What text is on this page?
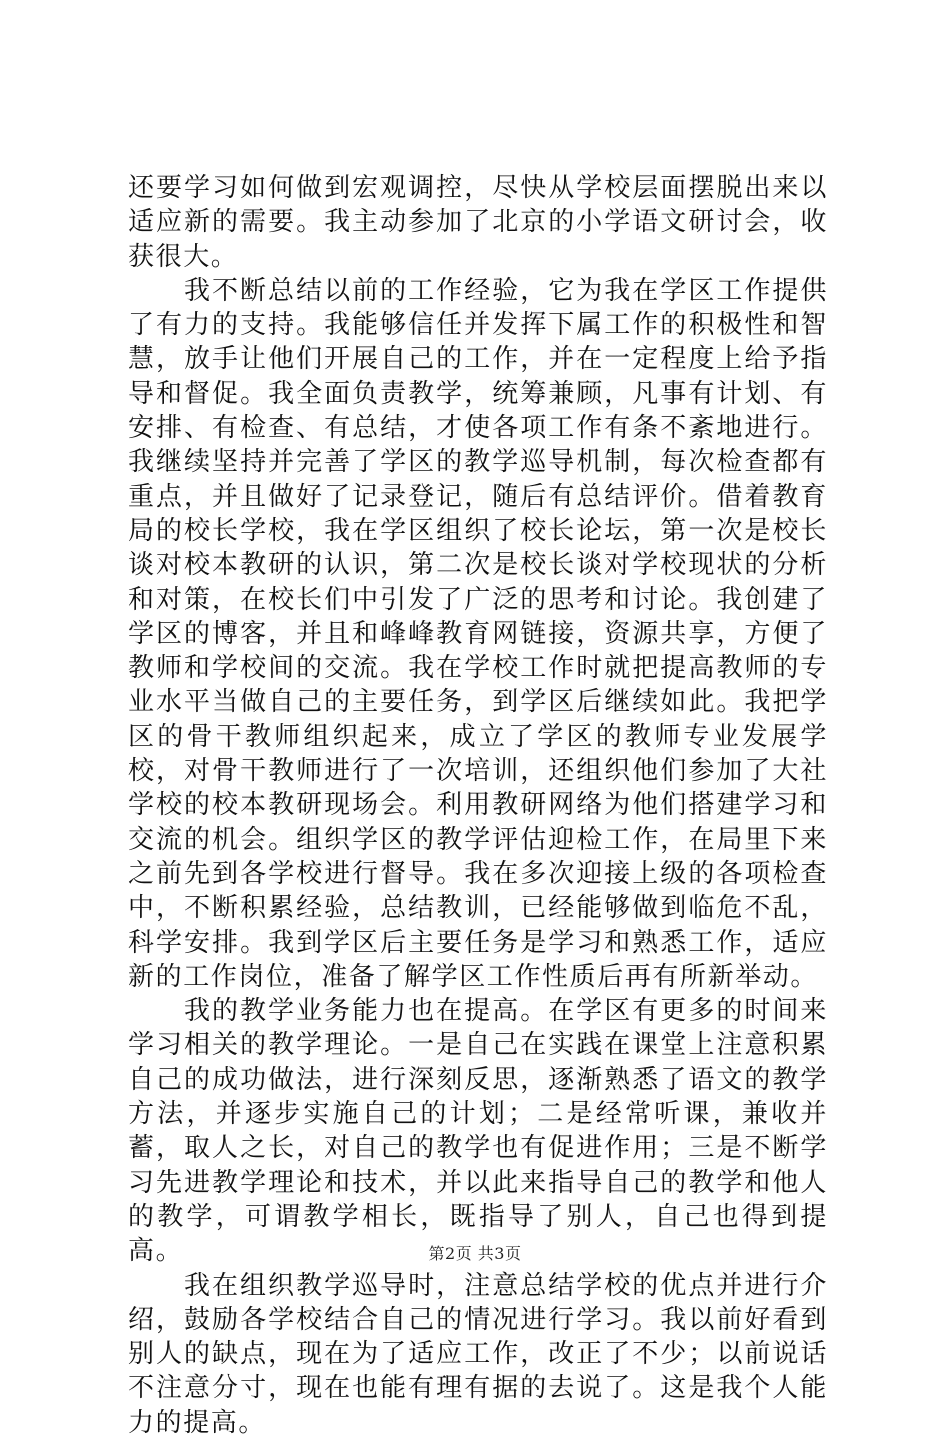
还要学习如何做到宏观调控，尽快从学校层面摆脱出来以适应新的需要。我主动参加了北京的小学语文研讨会，收获很大。

我不断总结以前的工作经验，它为我在学区工作提供了有力的支持。我能够信任并发挥下属工作的积极性和智慧，放手让他们开展自己的工作，并在一定程度上给予指导和督促。我全面负责教学，统筹兼顾，凡事有计划、有安排、有检查、有总结，才使各项工作有条不紊地进行。我继续坚持并完善了学区的教学巡导机制，每次检查都有重点，并且做好了记录登记，随后有总结评价。借着教育局的校长学校，我在学区组织了校长论坛，第一次是校长谈对校本教研的认识，第二次是校长谈对学校现状的分析和对策，在校长们中引发了广泛的思考和讨论。我创建了学区的博客，并且和峰峰教育网链接，资源共享，方便了教师和学校间的交流。我在学校工作时就把提高教师的专业水平当做自己的主要任务，到学区后继续如此。我把学区的骨干教师组织起来，成立了学区的教师专业发展学校，对骨干教师进行了一次培训，还组织他们参加了大社学校的校本教研现场会。利用教研网络为他们搭建学习和交流的机会。组织学区的教学评估迎检工作，在局里下来之前先到各学校进行督导。我在多次迎接上级的各项检查中，不断积累经验，总结教训，已经能够做到临危不乱，科学安排。我到学区后主要任务是学习和熟悉工作，适应新的工作岗位，准备了解学区工作性质后再有所新举动。

我的教学业务能力也在提高。在学区有更多的时间来学习相关的教学理论。一是自己在实践在课堂上注意积累自己的成功做法，进行深刻反思，逐渐熟悉了语文的教学方法，并逐步实施自己的计划；二是经常听课，兼收并蓄，取人之长，对自己的教学也有促进作用；三是不断学习先进教学理论和技术，并以此来指导自己的教学和他人的教学，可谓教学相长，既指导了别人，自己也得到提高。

我在组织教学巡导时，注意总结学校的优点并进行介绍，鼓励各学校结合自己的情况进行学习。我以前好看到别人的缺点，现在为了适应工作，改正了不少；以前说话不注意分寸，现在也能有理有据的去说了。这是我个人能力的提高。

第2页 共3页
